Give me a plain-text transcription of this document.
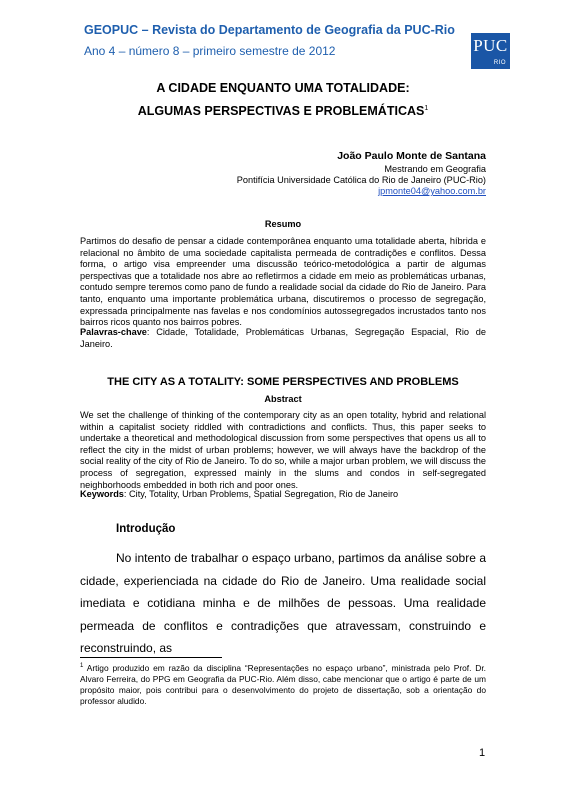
GEOPUC – Revista do Departamento de Geografia da PUC-Rio
Ano 4 – número 8 – primeiro semestre de 2012	PUC
RIO
A CIDADE ENQUANTO UMA TOTALIDADE:
ALGUMAS PERSPECTIVAS E PROBLEMÁTICAS$^1$
João Paulo Monte de Santana
Mestrando em Geografia
Pontifícia Universidade Católica do Rio de Janeiro (PUC-Rio)
jpmonte04@yahoo.com.br
Resumo
Partimos do desafio de pensar a cidade contemporânea enquanto uma totalidade aberta, híbrida e relacional no âmbito de uma sociedade capitalista permeada de contradições e conflitos. Dessa forma, o artigo visa empreender uma discussão teórico-metodológica a partir de algumas perspectivas que a totalidade nos abre ao refletirmos a cidade em meio as problemáticas urbanas, contudo sempre teremos como pano de fundo a realidade social da cidade do Rio de Janeiro. Para tanto, enquanto uma importante problemática urbana, discutiremos o processo de segregação, expressada principalmente nas favelas e nos condomínios autossegregados incrustados tanto nos bairros ricos quanto nos bairros pobres.
Palavras-chave: Cidade, Totalidade, Problemáticas Urbanas, Segregação Espacial, Rio de Janeiro.
THE CITY AS A TOTALITY: SOME PERSPECTIVES AND PROBLEMS
Abstract
We set the challenge of thinking of the contemporary city as an open totality, hybrid and relational within a capitalist society riddled with contradictions and conflicts. Thus, this paper seeks to undertake a theoretical and methodological discussion from some perspectives that opens us all to reflect the city in the midst of urban problems; however, we will always have the backdrop of the social reality of the city of Rio de Janeiro. To do so, while a major urban problem, we will discuss the process of segregation, expressed mainly in the slums and condos in self-segregated neighborhoods embedded in both rich and poor ones.
Keywords: City, Totality, Urban Problems, Spatial Segregation, Rio de Janeiro
Introdução
No intento de trabalhar o espaço urbano, partimos da análise sobre a cidade, experienciada na cidade do Rio de Janeiro. Uma realidade social imediata e cotidiana minha e de milhões de pessoas. Uma realidade permeada de conflitos e contradições que atravessam, construindo e reconstruindo, as
$^1$ Artigo produzido em razão da disciplina “Representações no espaço urbano”, ministrada pelo Prof. Dr. Alvaro Ferreira, do PPG em Geografia da PUC-Rio. Além disso, cabe mencionar que o artigo é parte de um propósito maior, pois contribui para o desenvolvimento do projeto de dissertação, sob a orientação do professor aludido.
1
